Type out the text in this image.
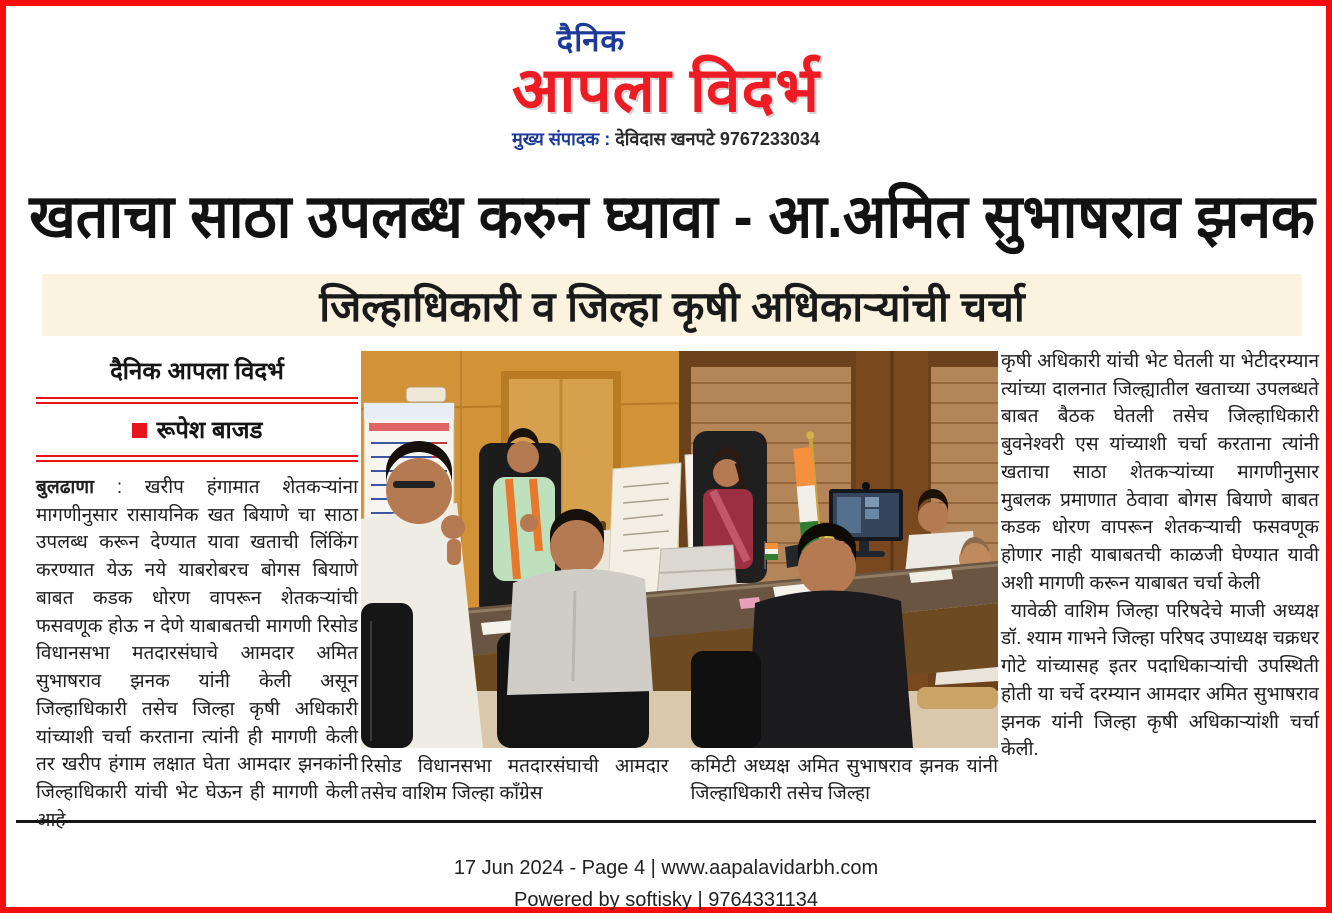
दैनिक
आपला विदर्भ
मुख्य संपादक : देविदास खनपटे 9767233034
खताचा साठा उपलब्ध करुन घ्यावा - आ.अमित सुभाषराव झनक
जिल्हाधिकारी व जिल्हा कृषी अधिकाऱ्यांची चर्चा
दैनिक आपला विदर्भ
रूपेश बाजड

बुलढाणा : खरीप हंगामात शेतकऱ्यांना मागणीनुसार रासायनिक खत बियाणे चा साठा उपलब्ध करून देण्यात यावा खताची लिंकिंग करण्यात येऊ नये याबरोबरच बोगस बियाणे बाबत कडक धोरण वापरून शेतकऱ्यांची फसवणूक होऊ न देणे याबाबतची मागणी रिसोड विधानसभा मतदारसंघाचे आमदार अमित सुभाषराव झनक यांनी केली असून जिल्हाधिकारी तसेच जिल्हा कृषी अधिकारी यांच्याशी चर्चा करताना त्यांनी ही मागणी केली तर खरीप हंगाम लक्षात घेता आमदार झनकांनी जिल्हाधिकारी यांची भेट घेऊन ही मागणी केली आहे

रिसोड विधानसभा मतदारसंघाची आमदार तसेच वाशिम जिल्हा काँग्रेस
कमिटी अध्यक्ष अमित सुभाषराव झनक यांनी जिल्हाधिकारी तसेच जिल्हा

कृषी अधिकारी यांची भेट घेतली या भेटीदरम्यान त्यांच्या दालनात जिल्ह्यातील खताच्या उपलब्धते बाबत बैठक घेतली तसेच जिल्हाधिकारी बुवनेश्वरी एस यांच्याशी चर्चा करताना त्यांनी खताचा साठा शेतकऱ्यांच्या मागणीनुसार मुबलक प्रमाणात ठेवावा बोगस बियाणे बाबत कडक धोरण वापरून शेतकऱ्याची फसवणूक होणार नाही याबाबतची काळजी घेण्यात यावी अशी मागणी करून याबाबत चर्चा केली

यावेळी वाशिम जिल्हा परिषदेचे माजी अध्यक्ष डॉ. श्याम गाभने जिल्हा परिषद उपाध्यक्ष चक्रधर गोटे यांच्यासह इतर पदाधिकाऱ्यांची उपस्थिती होती या चर्चे दरम्यान आमदार अमित सुभाषराव झनक यांनी जिल्हा कृषी अधिकाऱ्यांशी चर्चा केली.

17 Jun 2024 - Page 4 | www.aapalavidarbh.com
Powered by softisky | 9764331134
